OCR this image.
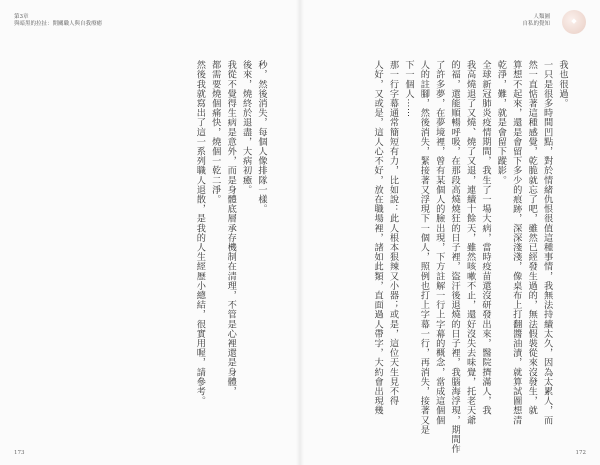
第3章
與暗黑的拉扯：開關職人與自我療癒
173
人類圖
自私的覺知	◆
172

我也很過。

一只是很多時間凹點，對於情緒仇恨很值這種事情，我無法持續太久，因為太累人，而

然一直惦著這種感覺，乾脆就忘了吧，雖然已經發生過的，無法假裝從來沒發生，就

算想不起來，還是會留下多少的痕跡，深深淺淺，像桌布上打翻醬油漬，就算試圖想清

乾淨，難，就是會留下蹤影。

全球新冠肺炎疫情期間，我生了一場大病，當時疫苗還沒研發出來，醫院擠滿人，我

我高燒退了又燒、燒了又退，連續十餘天，雖然咳嗽不止，還好沒失去味覺，托老天爺

的福，還能順暢呼吸，在那段高燒燒狂的日子裡，盜汗後退燒的日子裡，我腦海浮現，期間作

了許多夢，在夢境裡，曾有某個人的臉出現，下方註解一行上字幕的概念，當成這個個

人的註腳，然後消失，緊接著又浮現下一個人，照例也打上字幕一行，再消失，接著又是

下一個人⋯⋯

那一行字幕通常簡短有力，比如說：此人根本狠辣又小器；或是，這位天生見不得

人好，又或是，這人心不好，放在職場裡，諸如此類，直面過人帶字，大約會出現幾

秒，然後消失，每個人像排隊一樣。

後來，燒終於退盡，大病初癒。

我從不覺得生病是意外，而是身體底層承存機制在清理，不管是心裡還是身體，

都需要燒個痛快，燒個一乾二淨。

然後我就寫出了這一系列職人退散，是我的人生經歷小總結，很實用喔，請參考。
